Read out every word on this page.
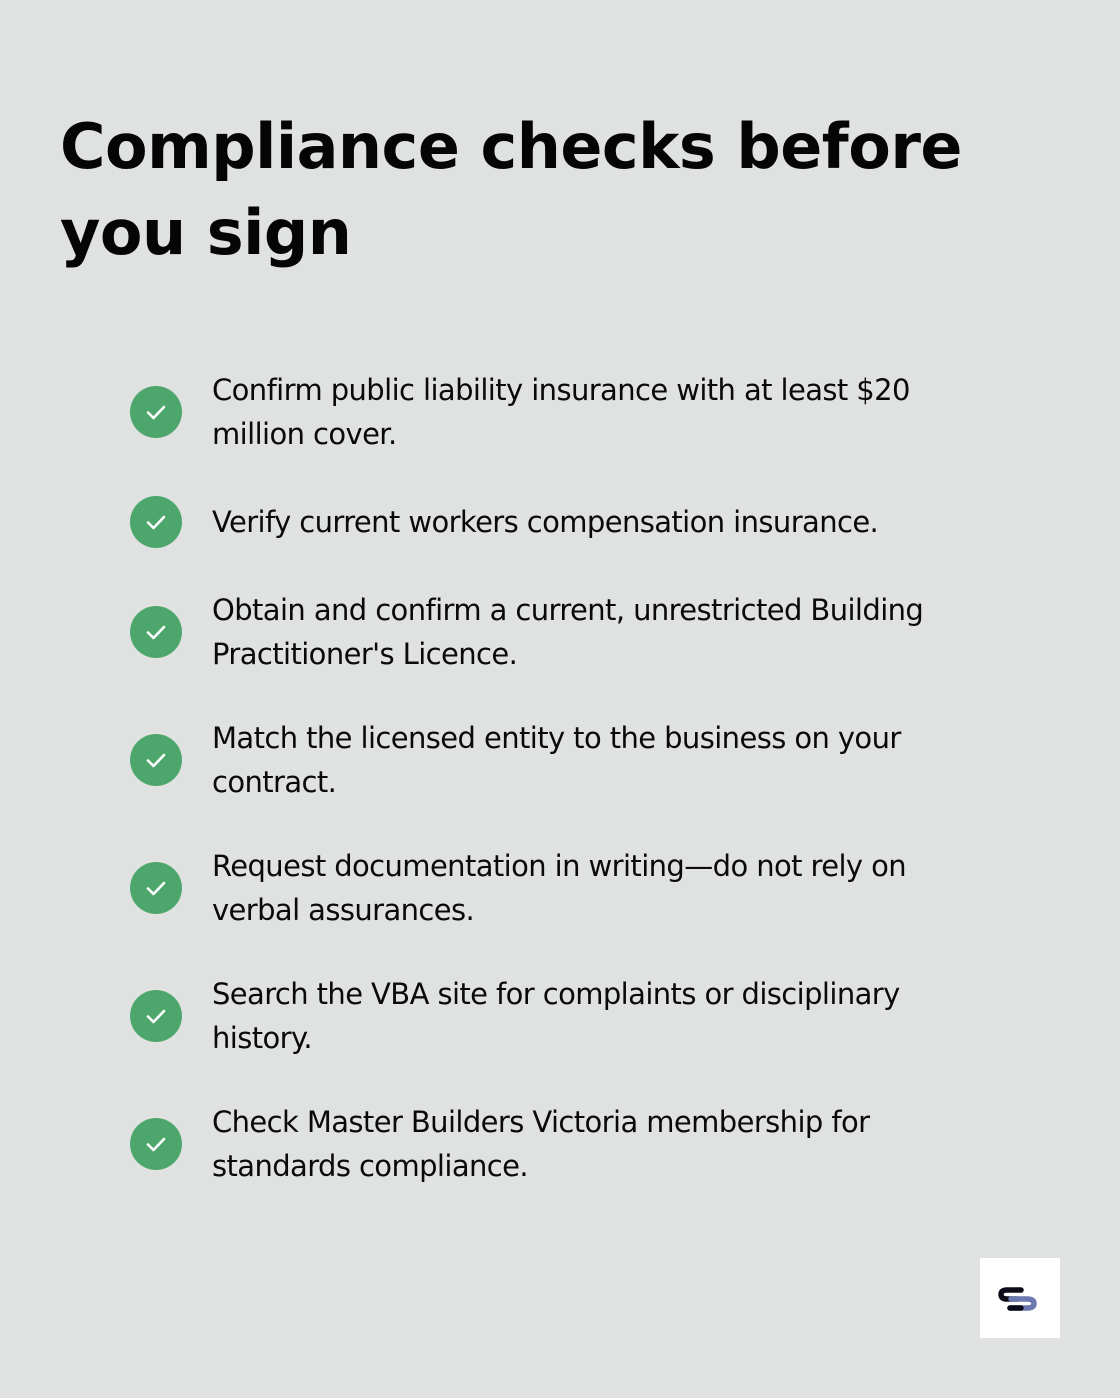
Compliance checks before you sign
Confirm public liability insurance with at least $20 million cover.
Verify current workers compensation insurance.
Obtain and confirm a current, unrestricted Building Practitioner's Licence.
Match the licensed entity to the business on your contract.
Request documentation in writing—do not rely on verbal assurances.
Search the VBA site for complaints or disciplinary history.
Check Master Builders Victoria membership for standards compliance.
